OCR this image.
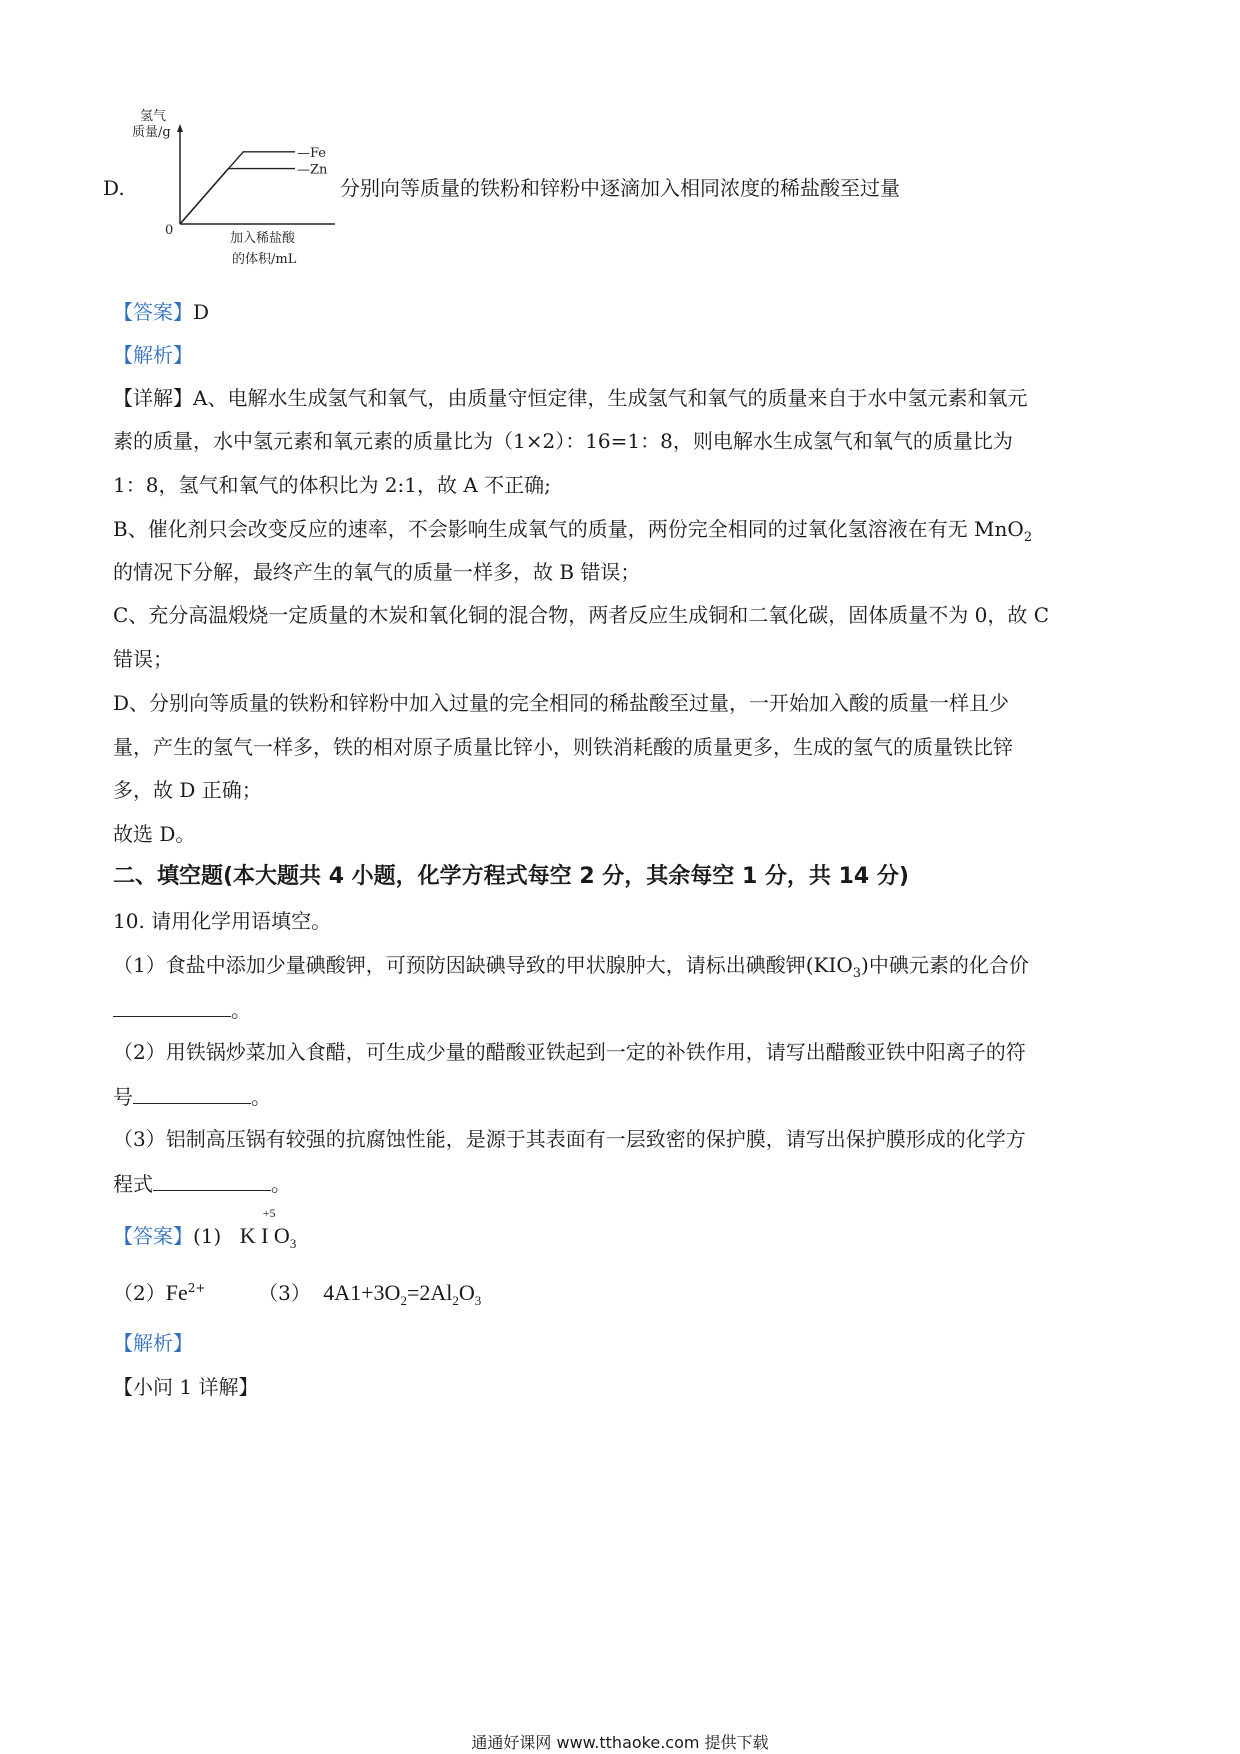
D.
—Fe
—Zn
氢气
质量/g
0
加入稀盐酸
的体积/mL
分别向等质量的铁粉和锌粉中逐滴加入相同浓度的稀盐酸至过量
【答案】D
【解析】
【详解】A、电解水生成氢气和氧气，由质量守恒定律，生成氢气和氧气的质量来自于水中氢元素和氧元
素的质量，水中氢元素和氧元素的质量比为（1×2）：16=1：8，则电解水生成氢气和氧气的质量比为
1：8，氢气和氧气的体积比为 2:1，故 A 不正确;
B、催化剂只会改变反应的速率，不会影响生成氧气的质量，两份完全相同的过氧化氢溶液在有无 MnO$_2$
的情况下分解，最终产生的氧气的质量一样多，故 B 错误；
C、充分高温煅烧一定质量的木炭和氧化铜的混合物，两者反应生成铜和二氧化碳，固体质量不为 0，故 C
错误；
D、分别向等质量的铁粉和锌粉中加入过量的完全相同的稀盐酸至过量，一开始加入酸的质量一样且少
量，产生的氢气一样多，铁的相对原子质量比锌小，则铁消耗酸的质量更多，生成的氢气的质量铁比锌
多，故 D 正确；
故选 D。
二、填空题(本大题共 4 小题，化学方程式每空 2 分，其余每空 1 分，共 14 分)
10. 请用化学用语填空。
（1）食盐中添加少量碘酸钾，可预防因缺碘导致的甲状腺肿大，请标出碘酸钾$(KIO_3)$中碘元素的化合价
。
（2）用铁锅炒菜加入食醋，可生成少量的醋酸亚铁起到一定的补铁作用，请写出醋酸亚铁中阳离子的符
号	。
（3）铝制高压锅有较强的抗腐蚀性能，是源于其表面有一层致密的保护膜，请写出保护膜形成的化学方
程式	。
【答案】(1)
+5
K I $O_3$
$(2)Fe^{2+}$	（3） $4A1+3O_2=2Al_2O_3$
【解析】
【小问 1 详解】
通通好课网 www.tthaoke.com 提供下载
